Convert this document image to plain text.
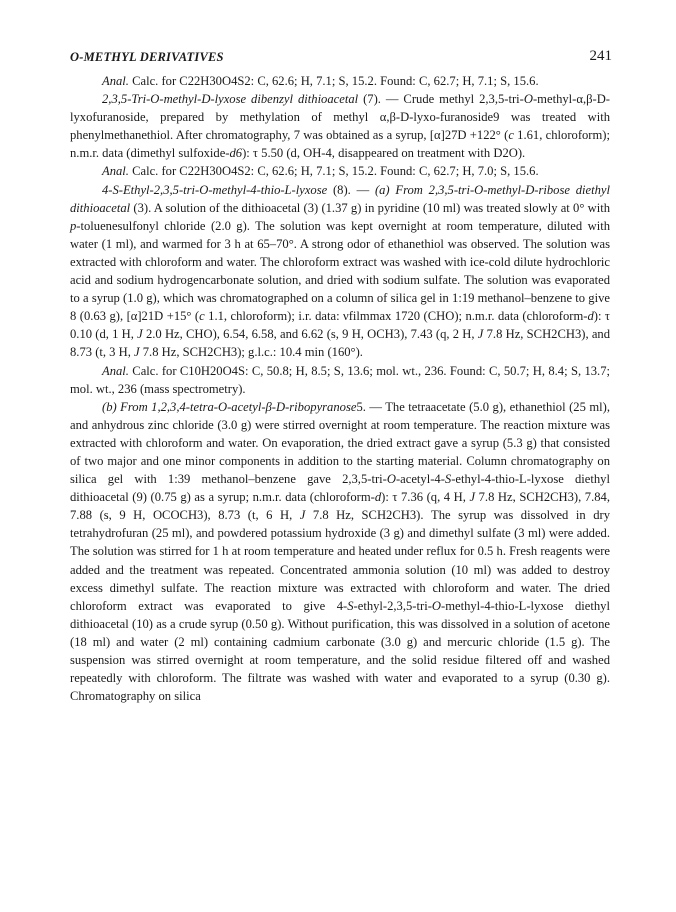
O-METHYL DERIVATIVES	241

Anal. Calc. for C22H30O4S2: C, 62.6; H, 7.1; S, 15.2. Found: C, 62.7; H, 7.1; S, 15.6.

2,3,5-Tri-O-methyl-D-lyxose dibenzyl dithioacetal (7). — Crude methyl 2,3,5-tri-O-methyl-α,β-D-lyxofuranoside, prepared by methylation of methyl α,β-D-lyxo-furanoside9 was treated with phenylmethanethiol. After chromatography, 7 was obtained as a syrup, [α]27D +122° (c 1.61, chloroform); n.m.r. data (dimethyl sulfoxide-d6): τ 5.50 (d, OH-4, disappeared on treatment with D2O).

Anal. Calc. for C22H30O4S2: C, 62.6; H, 7.1; S, 15.2. Found: C, 62.7; H, 7.0; S, 15.6.

4-S-Ethyl-2,3,5-tri-O-methyl-4-thio-L-lyxose (8). — (a) From 2,3,5-tri-O-methyl-D-ribose diethyl dithioacetal (3). A solution of the dithioacetal (3) (1.37 g) in pyridine (10 ml) was treated slowly at 0° with p-toluenesulfonyl chloride (2.0 g). The solution was kept overnight at room temperature, diluted with water (1 ml), and warmed for 3 h at 65–70°. A strong odor of ethanethiol was observed. The solution was extracted with chloroform and water. The chloroform extract was washed with ice-cold dilute hydrochloric acid and sodium hydrogencarbonate solution, and dried with sodium sulfate. The solution was evaporated to a syrup (1.0 g), which was chromatographed on a column of silica gel in 1:19 methanol–benzene to give 8 (0.63 g), [α]21D +15° (c 1.1, chloroform); i.r. data: νfilmmax 1720 (CHO); n.m.r. data (chloroform-d): τ 0.10 (d, 1 H, J 2.0 Hz, CHO), 6.54, 6.58, and 6.62 (s, 9 H, OCH3), 7.43 (q, 2 H, J 7.8 Hz, SCH2CH3), and 8.73 (t, 3 H, J 7.8 Hz, SCH2CH3); g.l.c.: 10.4 min (160°).

Anal. Calc. for C10H20O4S: C, 50.8; H, 8.5; S, 13.6; mol. wt., 236. Found: C, 50.7; H, 8.4; S, 13.7; mol. wt., 236 (mass spectrometry).

(b) From 1,2,3,4-tetra-O-acetyl-β-D-ribopyranose5. — The tetraacetate (5.0 g), ethanethiol (25 ml), and anhydrous zinc chloride (3.0 g) were stirred overnight at room temperature. The reaction mixture was extracted with chloroform and water. On evaporation, the dried extract gave a syrup (5.3 g) that consisted of two major and one minor components in addition to the starting material. Column chromatography on silica gel with 1:39 methanol–benzene gave 2,3,5-tri-O-acetyl-4-S-ethyl-4-thio-L-lyxose diethyl dithioacetal (9) (0.75 g) as a syrup; n.m.r. data (chloroform-d): τ 7.36 (q, 4 H, J 7.8 Hz, SCH2CH3), 7.84, 7.88 (s, 9 H, OCOCH3), 8.73 (t, 6 H, J 7.8 Hz, SCH2CH3). The syrup was dissolved in dry tetrahydrofuran (25 ml), and powdered potassium hydroxide (3 g) and dimethyl sulfate (3 ml) were added. The solution was stirred for 1 h at room temperature and heated under reflux for 0.5 h. Fresh reagents were added and the treatment was repeated. Concentrated ammonia solution (10 ml) was added to destroy excess dimethyl sulfate. The reaction mixture was extracted with chloroform and water. The dried chloroform extract was evaporated to give 4-S-ethyl-2,3,5-tri-O-methyl-4-thio-L-lyxose diethyl dithioacetal (10) as a crude syrup (0.50 g). Without purification, this was dissolved in a solution of acetone (18 ml) and water (2 ml) containing cadmium carbonate (3.0 g) and mercuric chloride (1.5 g). The suspension was stirred overnight at room temperature, and the solid residue filtered off and washed repeatedly with chloroform. The filtrate was washed with water and evaporated to a syrup (0.30 g). Chromatography on silica
